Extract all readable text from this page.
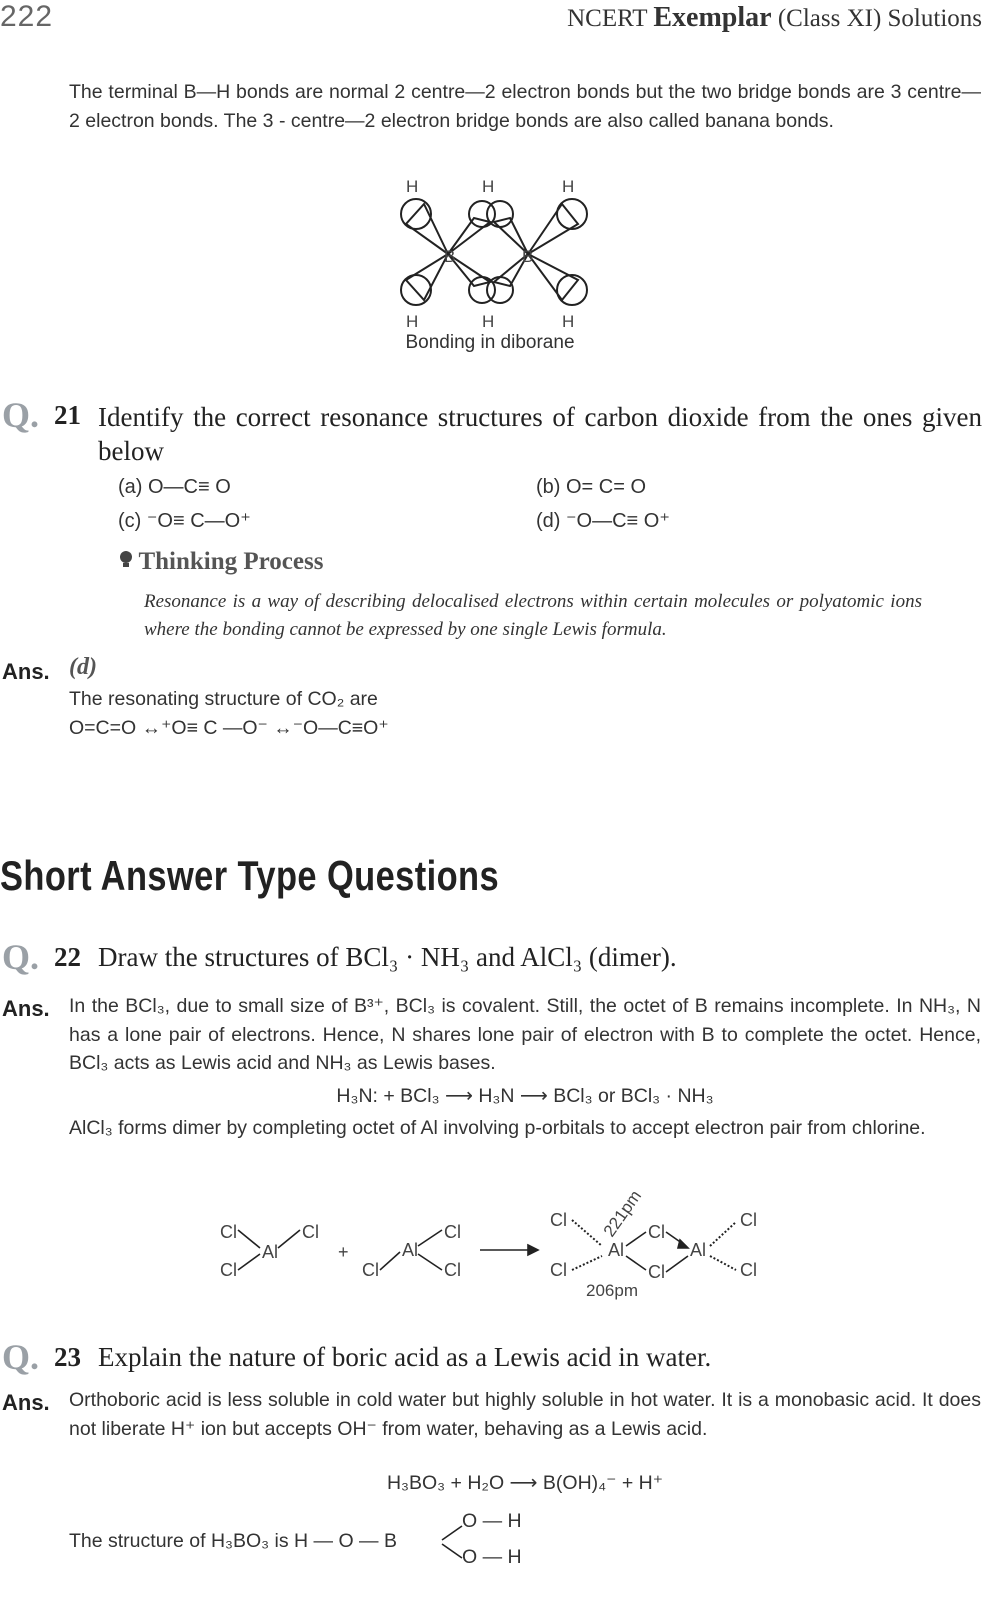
222	NCERT Exemplar (Class XI) Solutions
The terminal B—H bonds are normal 2 centre—2 electron bonds but the two bridge bonds are 3 centre—2 electron bonds. The 3 - centre—2 electron bridge bonds are also called banana bonds.
H	H	H
H	H	H
B	B
Bonding in diborane
Q. 21 Identify the correct resonance structures of carbon dioxide from the ones given below
(a) O—C≡ O	(b) O= C= O
(c) ⁻O≡ C—O⁺	(d) ⁻O—C≡ O⁺
Thinking Process
Resonance is a way of describing delocalised electrons within certain molecules or polyatomic ions where the bonding cannot be expressed by one single Lewis formula.
Ans. (d)
The resonating structure of CO₂ are
O=C=O ↔⁺O≡ C —O⁻ ↔⁻O—C≡O⁺
Short Answer Type Questions
Q. 22 Draw the structures of BCl₃ · NH₃ and AlCl₃ (dimer).
Ans. In the BCl₃, due to small size of B³⁺, BCl₃ is covalent. Still, the octet of B remains incomplete. In NH₃, N has a lone pair of electrons. Hence, N shares lone pair of electron with B to complete the octet. Hence, BCl₃ acts as Lewis acid and NH₃ as Lewis bases.
H₃N: + BCl₃ ⟶ H₃N ⟶ BCl₃ or BCl₃ · NH₃
AlCl₃ forms dimer by completing octet of Al involving p-orbitals to accept electron pair from chlorine.
Cl
Cl
Al
Cl
+
Cl
Al
Cl
Cl
Cl
Cl
Al
Cl
Cl
Al
Cl
Cl
206pm
221pm
Q. 23 Explain the nature of boric acid as a Lewis acid in water.
Ans. Orthoboric acid is less soluble in cold water but highly soluble in hot water. It is a monobasic acid. It does not liberate H⁺ ion but accepts OH⁻ from water, behaving as a Lewis acid.
H₃BO₃ + H₂O ⟶ B(OH)₄⁻ + H⁺
The structure of H₃BO₃ is H — O — B
O — H
O — H
